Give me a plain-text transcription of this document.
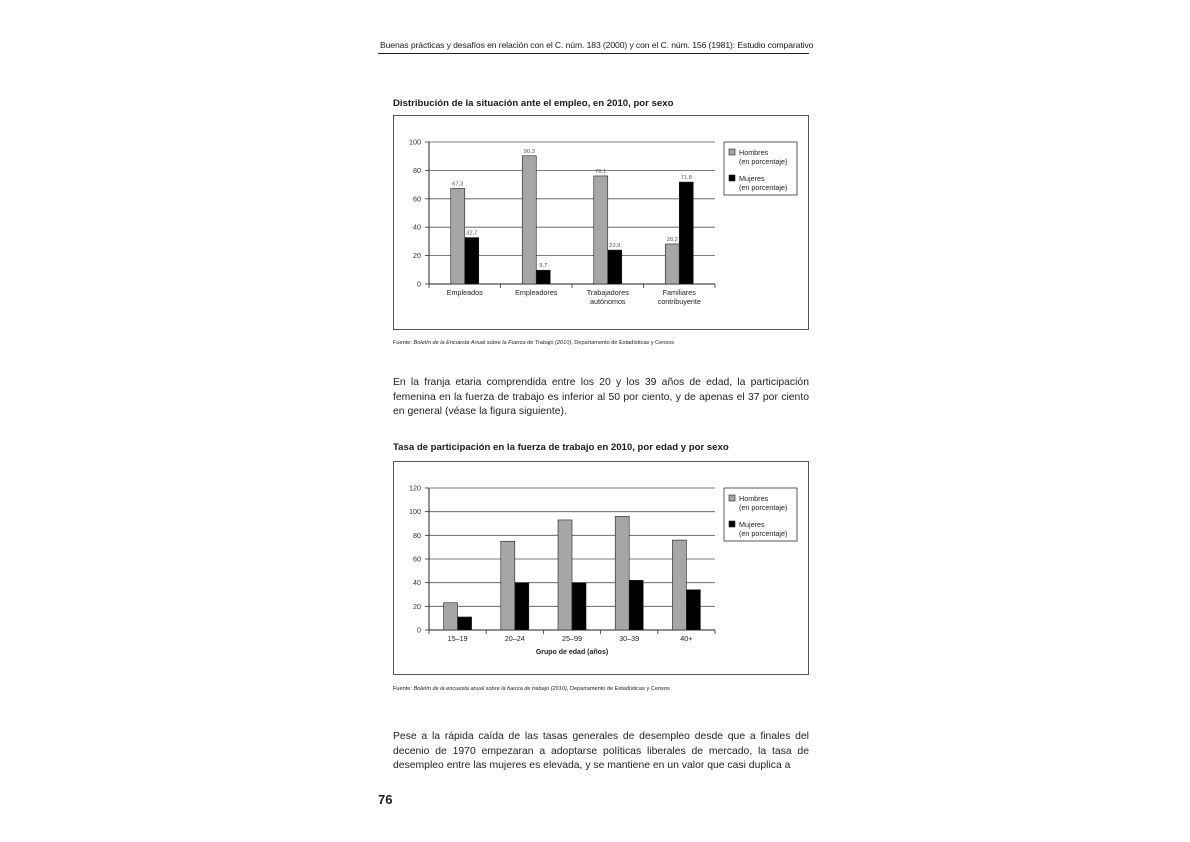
Buenas prácticas y desafíos en relación con el C. núm. 183 (2000) y con el C. núm. 156 (1981): Estudio comparativo
Distribución de la situación ante el empleo, en 2010, por sexo
0
20
40
60
80
100
67,3
32,7
Empleados
90,3
9,7
Empleadores
76,1
23,9
Trabajadores
autónomos
28,2
71,8
Familiares
contribuyente
Hombres
(en porcentaje)
Mujeres
(en porcentaje)
Fuente: Boletín de la Encuesta Anual sobre la Fuerza de Trabajo (2010), Departamento de Estadísticas y Censos
En la franja etaria comprendida entre los 20 y los 39 años de edad, la participación femenina en la fuerza de trabajo es inferior al 50 por ciento, y de apenas el 37 por ciento en general (véase la figura siguiente).
Tasa de participación en la fuerza de trabajo en 2010, por edad y por sexo
0
20
40
60
80
100
120
15–19	20–24	25–99	30–39	40+
Grupo de edad (años)
Hombres
(en porcentaje)
Mujeres
(en porcentaje)
Fuente: Boletín de la encuesta anual sobre la fuerza de trabajo (2010), Departamento de Estadísticas y Censos
Pese a la rápida caída de las tasas generales de desempleo desde que a finales del decenio de 1970 empezaran a adoptarse políticas liberales de mercado, la tasa de desempleo entre las mujeres es elevada, y se mantiene en un valor que casi duplica a
76
